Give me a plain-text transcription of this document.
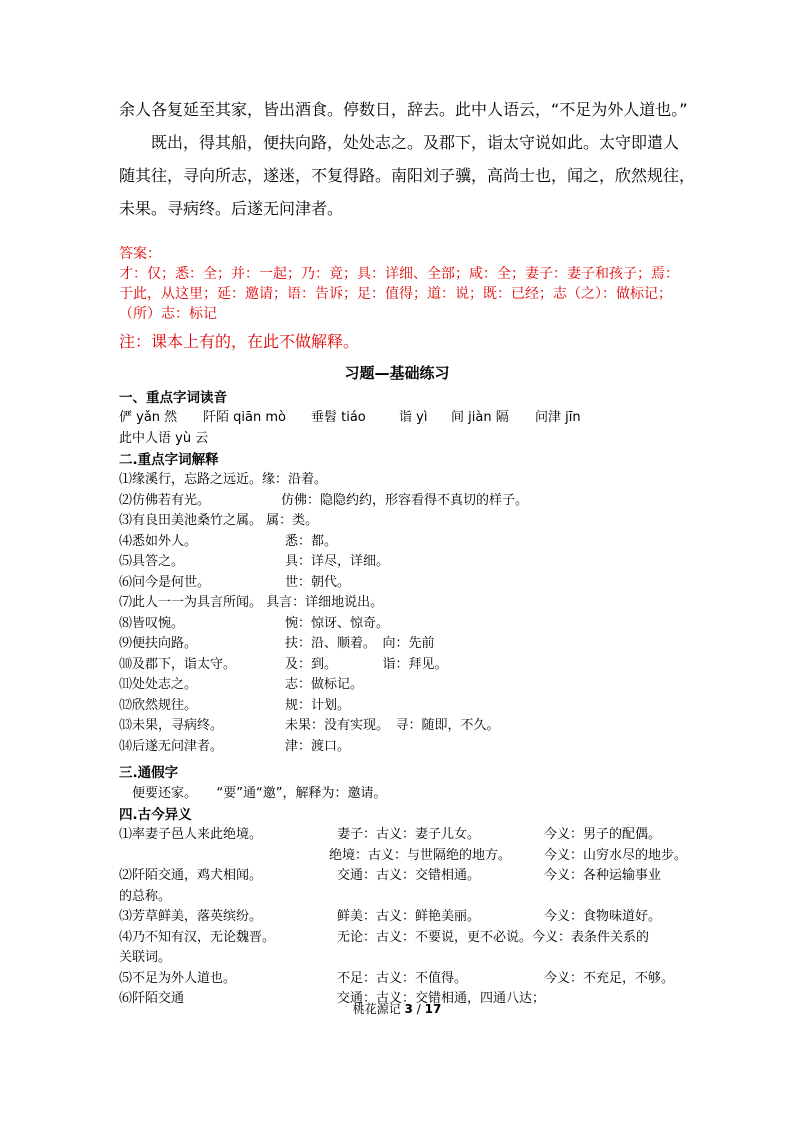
余人各复延至其家，皆出酒食。停数日，辞去。此中人语云，“不足为外人道也。”

　　既出，得其船，便扶向路，处处志之。及郡下，诣太守说如此。太守即遣人

随其往，寻向所志，遂迷，不复得路。南阳刘子骥，高尚士也，闻之，欣然规往，

未果。寻病终。后遂无问津者。

答案：

才：仅；悉：全；并：一起；乃：竟；具：详细、全部；咸：全；妻子：妻子和孩子；焉：

于此，从这里；延：邀请；语：告诉；足：值得；道：说；既：已经；志（之）：做标记；

（所）志：标记

注：课本上有的，在此不做解释。

习题—基础练习

一、重点字词读音

俨 yǎn 然 阡陌 qiān mò 垂髫 tiáo	诣 yì 间 jiàn 隔 问津 jīn

此中人语 yù 云

二.重点字词解释

⑴缘溪行，忘路之远近。缘：沿着。
⑵仿佛若有光。	仿佛：隐隐约约，形容看得不真切的样子。
⑶有良田美池桑竹之属。 属：类。
⑷悉如外人。	悉：都。
⑸具答之。	具：详尽，详细。
⑹问今是何世。	世：朝代。
⑺此人一一为具言所闻。 具言：详细地说出。
⑻皆叹惋。	惋：惊讶、惊奇。
⑼便扶向路。	扶：沿、顺着。　向：先前
⑽及郡下，诣太守。	及：到。　　　　诣：拜见。
⑾处处志之。	志：做标记。
⑿欣然规往。	规：计划。
⒀未果，寻病终。	未果：没有实现。　寻：随即，不久。
⒁后遂无问津者。	津：渡口。

三.通假字

　便要还家。　　“要”通“邀”，解释为：邀请。

四.古今异义

⑴率妻子邑人来此绝境。	妻子：古义：妻子儿女。	今义：男子的配偶。
绝境：古义：与世隔绝的地方。	今义：山穷水尽的地步。
⑵阡陌交通，鸡犬相闻。	交通：古义：交错相通。	今义：各种运输事业
的总称。
⑶芳草鲜美，落英缤纷。	鲜美：古义：鲜艳美丽。	今义：食物味道好。
⑷乃不知有汉，无论魏晋。	无论：古义：不要说，更不必说。今义：表条件关系的
关联词。
⑸不足为外人道也。	不足：古义：不值得。	今义：不充足，不够。
⑹阡陌交通	交通：古义：交错相通，四通八达；
桃花源记 3 / 17
